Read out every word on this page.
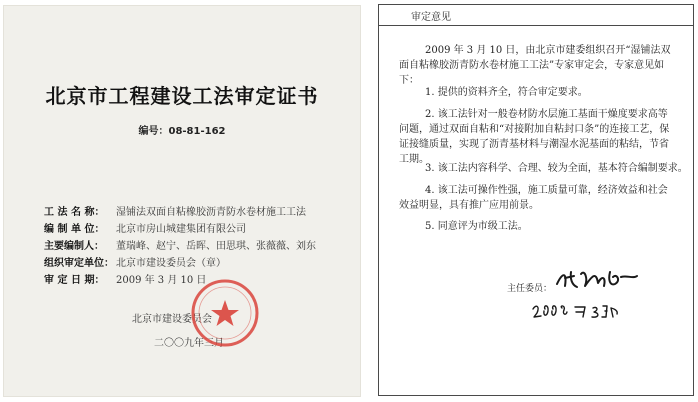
北京市工程建设工法审定证书
编号：08-81-162
工 法 名 称： 湿铺法双面自粘橡胶沥青防水卷材施工工法
编 制 单 位： 北京市房山城建集团有限公司
主要编制人： 董瑞峰、赵宁、岳晖、田思琪、张薇薇、刘东
组织审定单位： 北京市建设委员会（章）
审 定 日 期： 2009 年 3 月 10 日
北京市建设委员会
二〇〇九年三月
审定意见

2009 年 3 月 10 日，由北京市建委组织召开“湿铺法双面自粘橡胶沥青防水卷材施工工法”专家审定会，专家意见如下：

1. 提供的资料齐全，符合审定要求。

2. 该工法针对一般卷材防水层施工基面干燥度要求高等问题，通过双面自粘和“对接附加自粘封口条”的连接工艺，保证接缝质量，实现了沥青基材料与潮湿水泥基面的粘结，节省工期。

3. 该工法内容科学、合理、较为全面，基本符合编制要求。

4. 该工法可操作性强，施工质量可靠，经济效益和社会效益明显，具有推广应用前景。

5. 同意评为市级工法。

主任委员：
